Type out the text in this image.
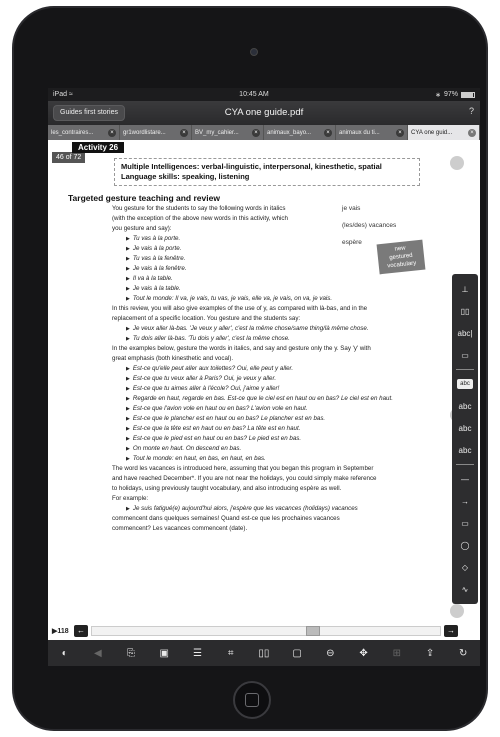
iPad ≈	10:45 AM	∗ 97%
Guides first stories	CYA one guide.pdf	?
les_contraires...	×	gr1wordlistare...	×	BV_my_cahier...	×	animaux_bayo...	×	animaux du ti...	×	CYA one guid...	×
46 of 72
Activity 26

Multiple Intelligences: verbal-linguistic, interpersonal, kinesthetic, spatial

Language skills: speaking, listening

Targeted gesture teaching and review
You gesture for the students to say the following words in italics
(with the exception of the above new words in this activity, which
you gesture and say):
▶ Tu vas à la porte.
▶ Je vais à la porte.
▶ Tu vas à la fenêtre.
▶ Je vais à la fenêtre.
▶ Il va à la table.
▶ Je vais à la table.
▶ Tout le monde: Il va, je vais, tu vas, je vais, elle va, je vais, on va, je vais.
In this review, you will also give examples of the use of y, as compared with là-bas, and in the
replacement of a specific location. You gesture and the students say:
▶ Je veux aller là-bas. 'Je veux y aller', c'est la même chose/same thing/là même chose.
▶ Tu dois aller là-bas. 'Tu dois y aller', c'est la même chose.
In the examples below, gesture the words in italics, and say and gesture only the y. Say 'y' with
great emphasis (both kinesthetic and vocal).
▶ Est-ce qu'elle peut aller aux toilettes? Oui, elle peut y aller.
▶ Est-ce que tu veux aller à Paris? Oui, je veux y aller.
▶ Est-ce que tu aimes aller à l'école? Oui, j'aime y aller!
▶ Regarde en haut, regarde en bas. Est-ce que le ciel est en haut ou en bas? Le ciel est en haut.
▶ Est-ce que l'avion vole en haut ou en bas? L'avion vole en haut.
▶ Est-ce que le plancher est en haut ou en bas? Le plancher est en bas.
▶ Est-ce que la tête est en haut ou en bas? La tête est en haut.
▶ Est-ce que le pied est en haut ou en bas? Le pied est en bas.
▶ On monte en haut. On descend en bas.
▶ Tout le monde: en haut, en bas, en haut, en bas.
The word les vacances is introduced here, assuming that you began this program in September
and have reached December*. If you are not near the holidays, you could simply make reference
to holidays, using previously taught vocabulary, and also introducing espère as well.
For example:
▶ Je suis fatigué(e) aujourd'hui alors, j'espère que les vacances (holidays) vacances
commencent dans quelques semaines! Quand est-ce que les prochaines vacances
commencent? Les vacances commencent (date).
je vais
(les/des) vacances
espère
new
gestured
vocabulary
⊥
▯▯
abc|
▭
abc
abc
abc
abc
—
→
▭
◯
◇
∿
▶118	←	→
◐	◀	⎘	▣	☰	⌗	▯▯	▢	⊖	✥	⊞	⇪	↻
